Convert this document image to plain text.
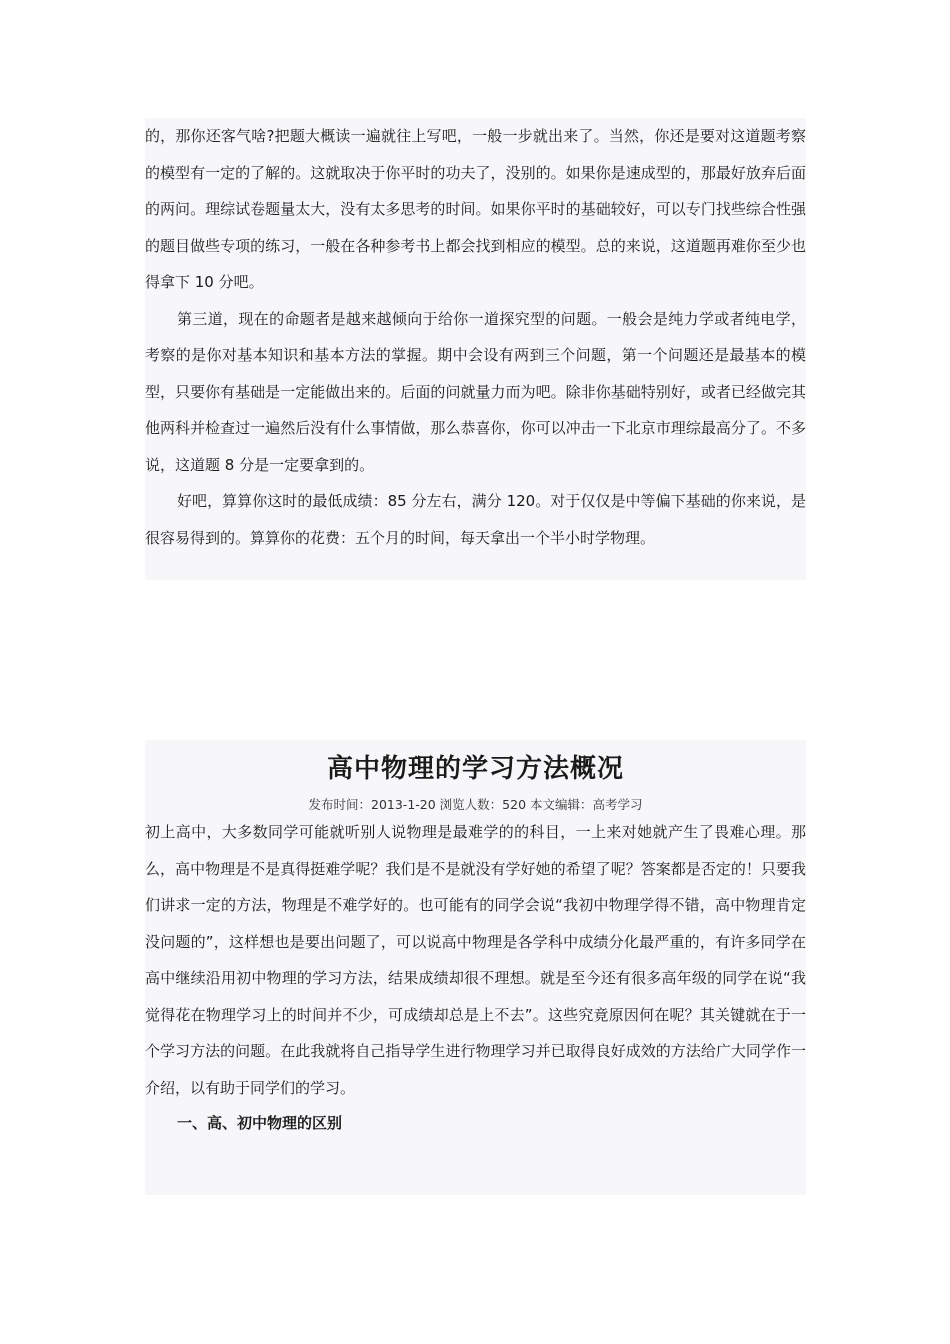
的，那你还客气啥?把题大概读一遍就往上写吧，一般一步就出来了。当然，你还是要对这道题考察的模型有一定的了解的。这就取决于你平时的功夫了，没别的。如果你是速成型的，那最好放弃后面的两问。理综试卷题量太大，没有太多思考的时间。如果你平时的基础较好，可以专门找些综合性强的题目做些专项的练习，一般在各种参考书上都会找到相应的模型。总的来说，这道题再难你至少也得拿下 10 分吧。

第三道，现在的命题者是越来越倾向于给你一道探究型的问题。一般会是纯力学或者纯电学，考察的是你对基本知识和基本方法的掌握。期中会设有两到三个问题，第一个问题还是最基本的模型，只要你有基础是一定能做出来的。后面的问就量力而为吧。除非你基础特别好，或者已经做完其他两科并检查过一遍然后没有什么事情做，那么恭喜你，你可以冲击一下北京市理综最高分了。不多说，这道题 8 分是一定要拿到的。

好吧，算算你这时的最低成绩：85 分左右，满分 120。对于仅仅是中等偏下基础的你来说，是很容易得到的。算算你的花费：五个月的时间，每天拿出一个半小时学物理。

高中物理的学习方法概况

发布时间：2013-1-20 浏览人数：520 本文编辑：高考学习

初上高中，大多数同学可能就听别人说物理是最难学的的科目，一上来对她就产生了畏难心理。那么，高中物理是不是真得挺难学呢？我们是不是就没有学好她的希望了呢？答案都是否定的！只要我们讲求一定的方法，物理是不难学好的。也可能有的同学会说“我初中物理学得不错，高中物理肯定没问题的”，这样想也是要出问题了，可以说高中物理是各学科中成绩分化最严重的，有许多同学在高中继续沿用初中物理的学习方法，结果成绩却很不理想。就是至今还有很多高年级的同学在说“我觉得花在物理学习上的时间并不少，可成绩却总是上不去”。这些究竟原因何在呢？其关键就在于一个学习方法的问题。在此我就将自己指导学生进行物理学习并已取得良好成效的方法给广大同学作一介绍，以有助于同学们的学习。

一、高、初中物理的区别
